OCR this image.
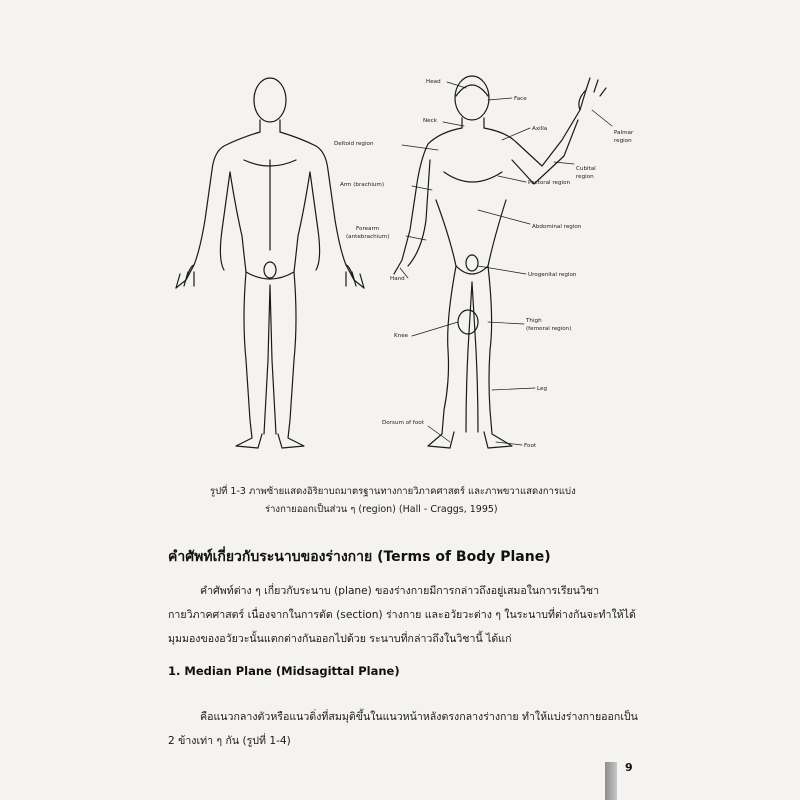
Head
Face
Neck
Axilla
Palmar
region
Deltoid region
Cubital
region
Pectoral region
Arm (brachium)
Abdominal region
Forearm
(antebrachium)
Urogenital region
Hand
Thigh
(femoral region)
Knee
Leg
Dorsum of foot
Foot
รูปที่ 1-3 ภาพซ้ายแสดงอิริยาบถมาตรฐานทางกายวิภาคศาสตร์ และภาพขวาแสดงการแบ่ง
ร่างกายออกเป็นส่วน ๆ (region) (Hall - Craggs, 1995)
คำศัพท์เกี่ยวกับระนาบของร่างกาย (Terms of Body Plane)
คำศัพท์ต่าง ๆ เกี่ยวกับระนาบ (plane) ของร่างกายมีการกล่าวถึงอยู่เสมอในการเรียนวิชา
กายวิภาคศาสตร์ เนื่องจากในการตัด (section) ร่างกาย และอวัยวะต่าง ๆ ในระนาบที่ต่างกันจะทำให้ได้
มุมมองของอวัยวะนั้นแตกต่างกันออกไปด้วย ระนาบที่กล่าวถึงในวิชานี้ ได้แก่
1. Median Plane (Midsagittal Plane)
คือแนวกลางตัวหรือแนวดิ่งที่สมมุติขึ้นในแนวหน้าหลังตรงกลางร่างกาย ทำให้แบ่งร่างกายออกเป็น
2 ข้างเท่า ๆ กัน (รูปที่ 1-4)
9
